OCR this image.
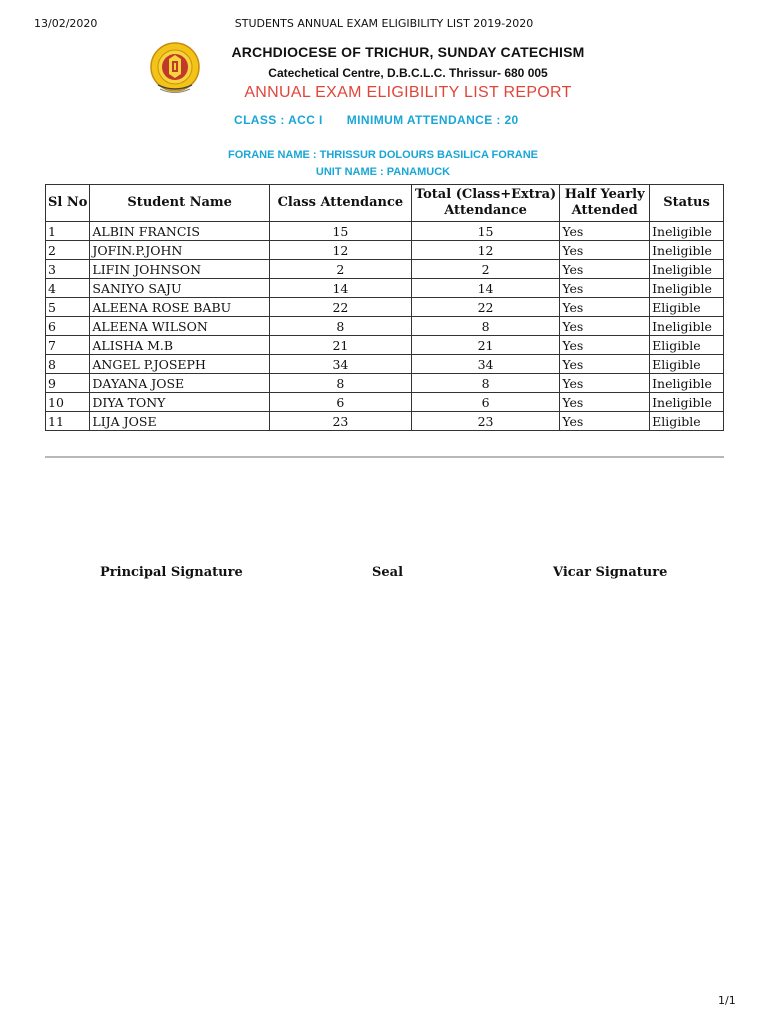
13/02/2020	STUDENTS ANNUAL EXAM ELIGIBILITY LIST 2019-2020
ARCHDIOCESE OF TRICHUR, SUNDAY CATECHISM
Catechetical Centre, D.B.C.L.C. Thrissur- 680 005
ANNUAL EXAM ELIGIBILITY LIST REPORT
CLASS : ACC I MINIMUM ATTENDANCE : 20
FORANE NAME : THRISSUR DOLOURS BASILICA FORANE
UNIT NAME : PANAMUCK
Sl No	Student Name	Class Attendance	Total (Class+Extra) Attendance	Half Yearly Attended	Status
1	ALBIN FRANCIS	15	15	Yes	Ineligible
2	JOFIN.P.JOHN	12	12	Yes	Ineligible
3	LIFIN JOHNSON	2	2	Yes	Ineligible
4	SANIYO SAJU	14	14	Yes	Ineligible
5	ALEENA ROSE BABU	22	22	Yes	Eligible
6	ALEENA WILSON	8	8	Yes	Ineligible
7	ALISHA M.B	21	21	Yes	Eligible
8	ANGEL P.JOSEPH	34	34	Yes	Eligible
9	DAYANA JOSE	8	8	Yes	Ineligible
10	DIYA TONY	6	6	Yes	Ineligible
11	LIJA JOSE	23	23	Yes	Eligible
Principal Signature	Seal	Vicar Signature
1/1
